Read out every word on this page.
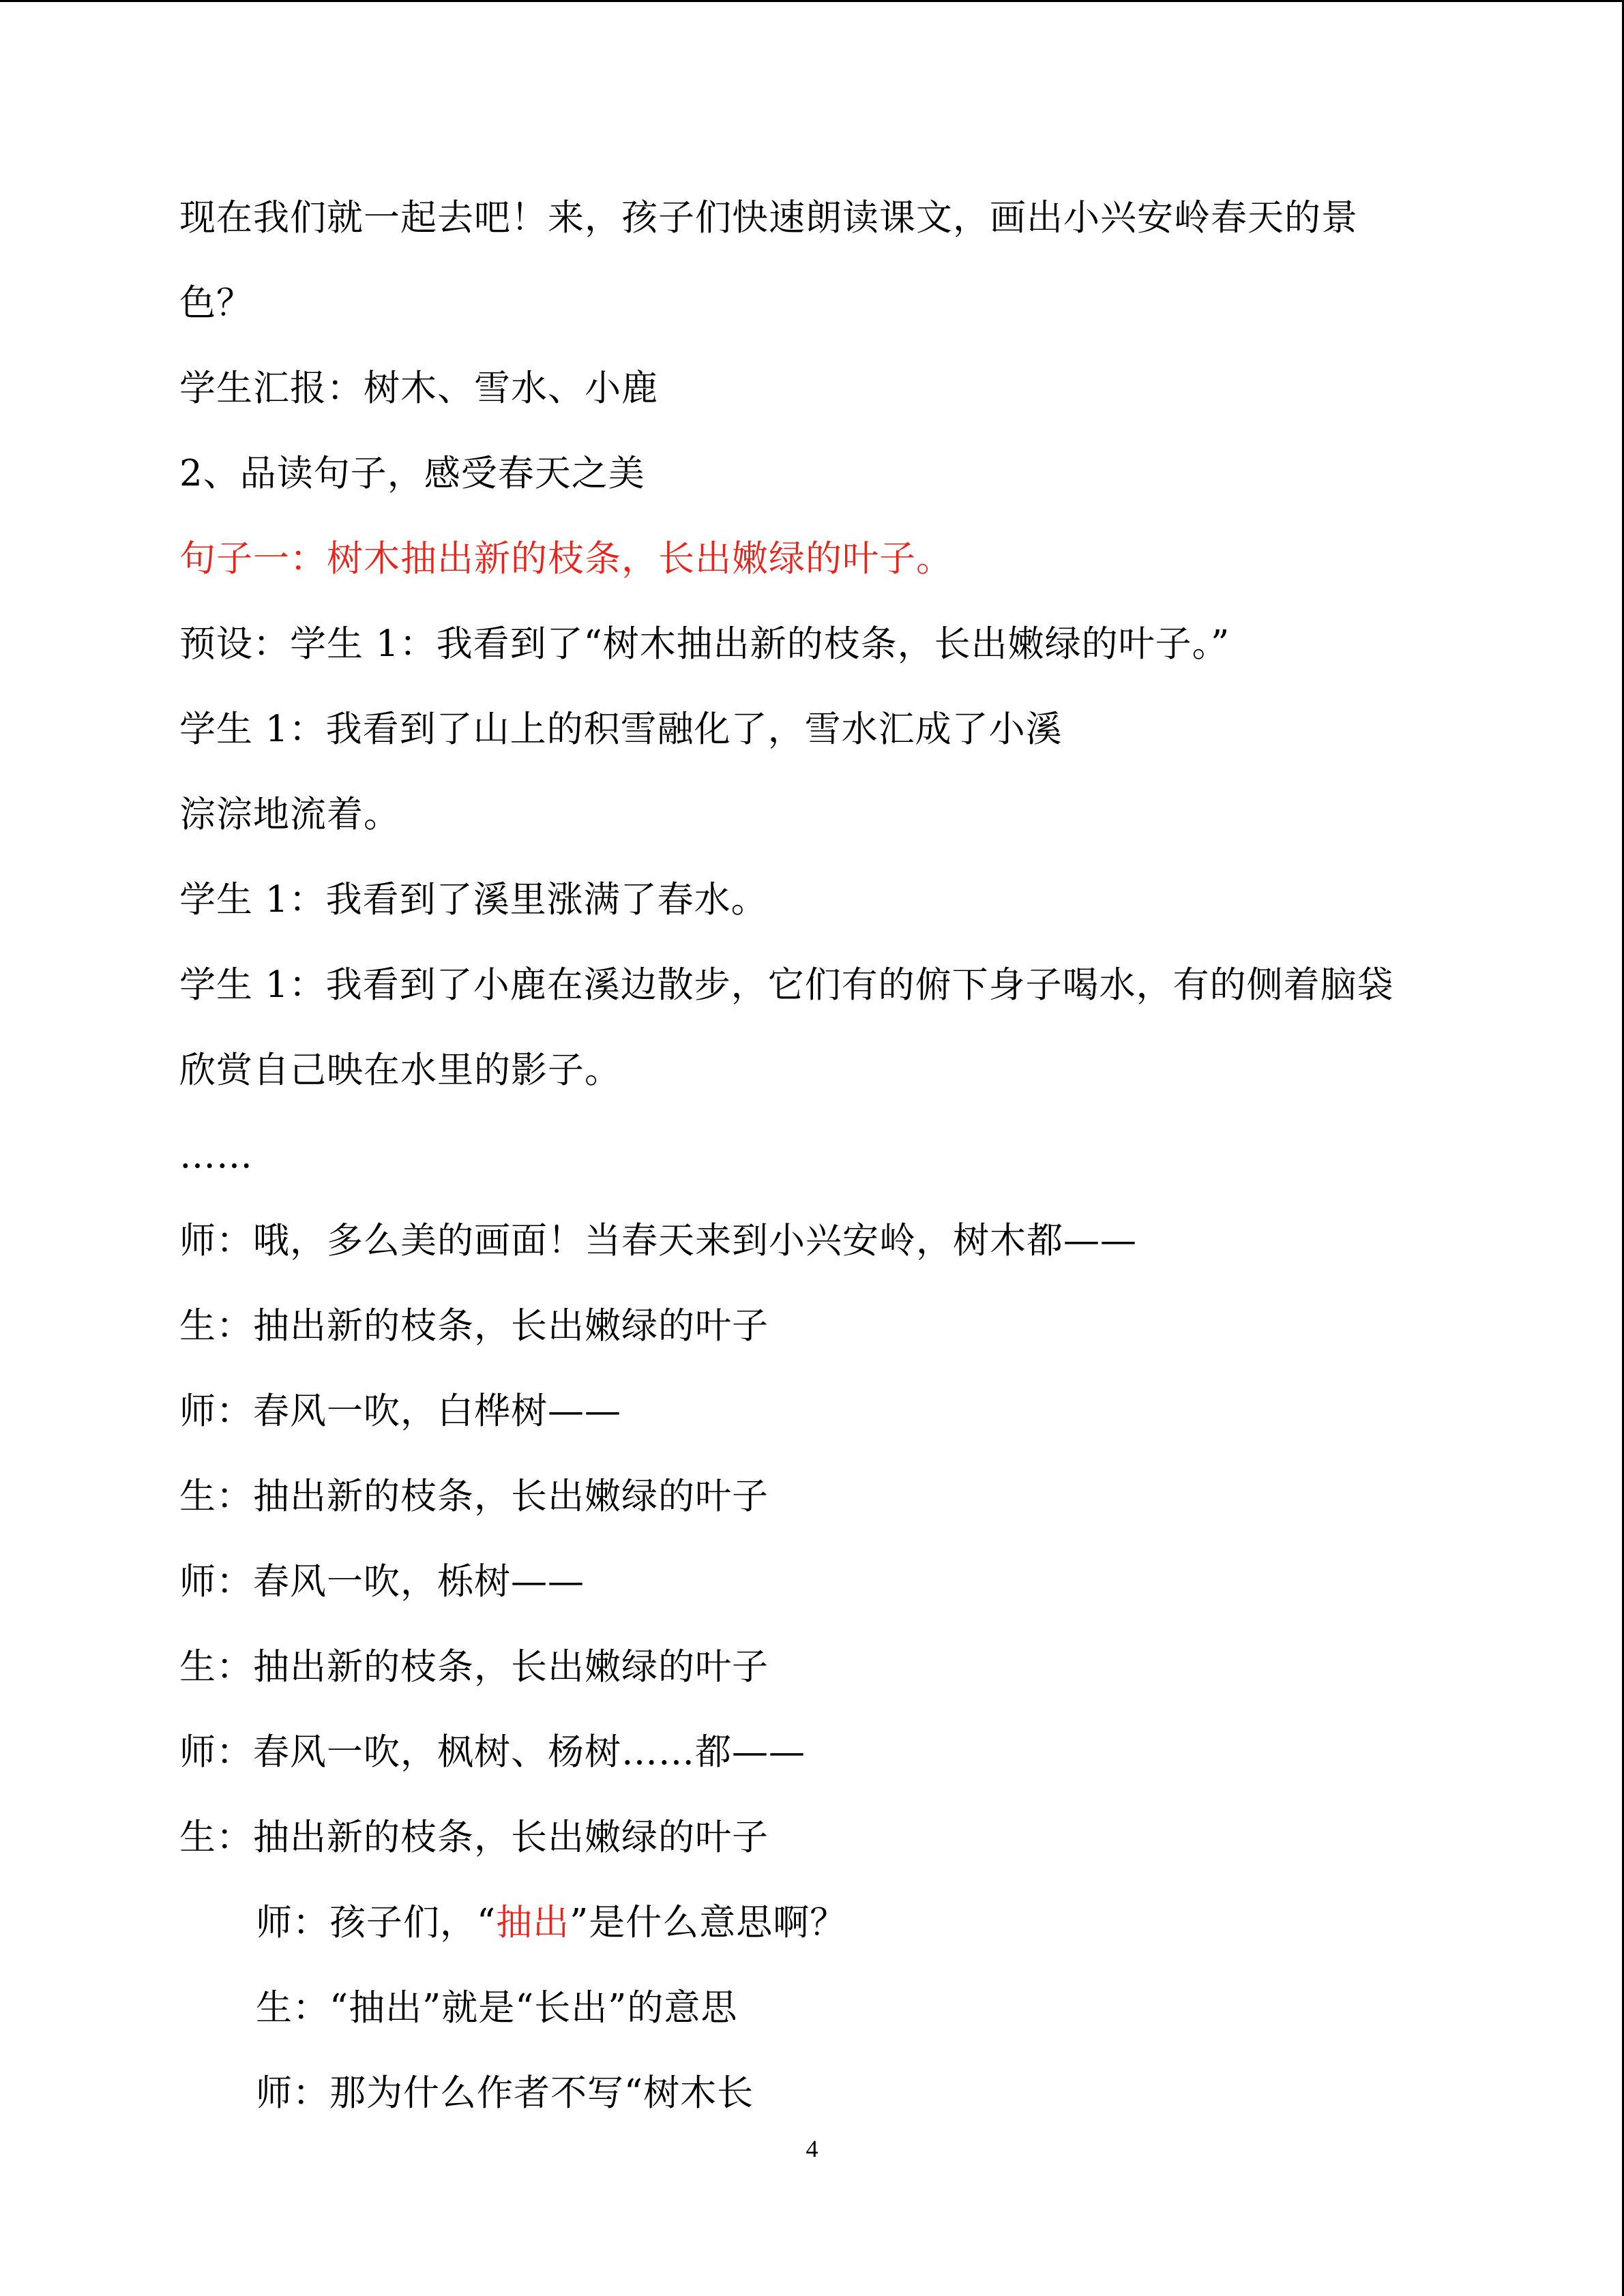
现在我们就一起去吧！来，孩子们快速朗读课文，画出小兴安岭春天的景
色？
学生汇报：树木、雪水、小鹿
2、品读句子，感受春天之美
句子一：树木抽出新的枝条，长出嫩绿的叶子。
预设：学生 1：我看到了“树木抽出新的枝条，长出嫩绿的叶子。”
学生 1：我看到了山上的积雪融化了，雪水汇成了小溪
淙淙地流着。
学生 1：我看到了溪里涨满了春水。
学生 1：我看到了小鹿在溪边散步，它们有的俯下身子喝水，有的侧着脑袋
欣赏自己映在水里的影子。
……
师：哦，多么美的画面！当春天来到小兴安岭，树木都——
生：抽出新的枝条，长出嫩绿的叶子
师：春风一吹，白桦树——
生：抽出新的枝条，长出嫩绿的叶子
师：春风一吹，栎树——
生：抽出新的枝条，长出嫩绿的叶子
师：春风一吹，枫树、杨树……都——
生：抽出新的枝条，长出嫩绿的叶子
师：孩子们，“抽出”是什么意思啊？
生：“抽出”就是“长出”的意思
师：那为什么作者不写“树木长
4
